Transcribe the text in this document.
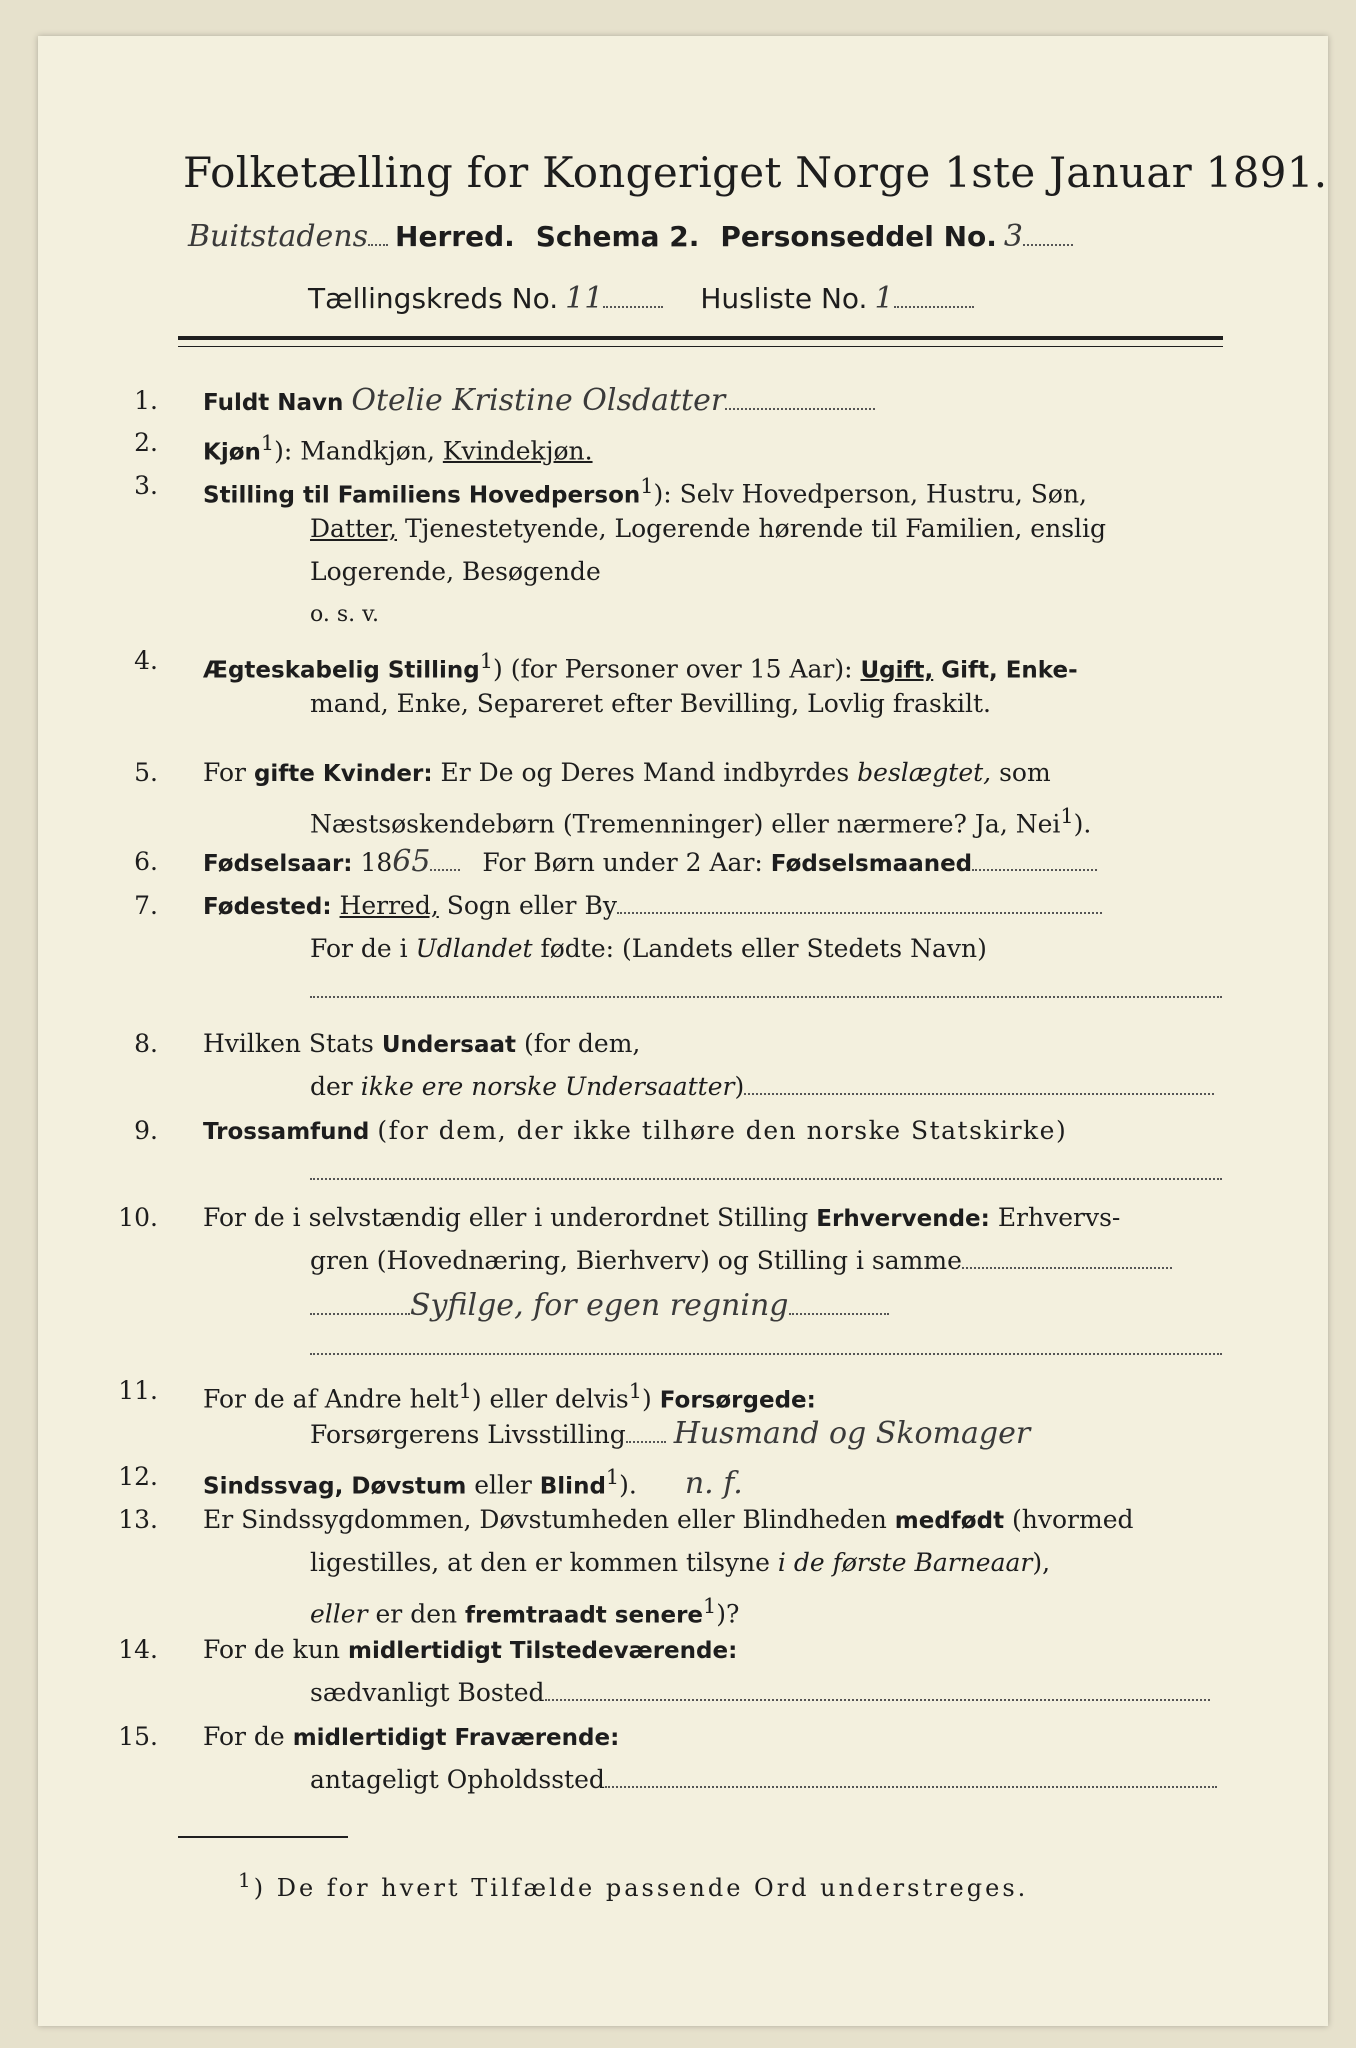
Folketælling for Kongeriget Norge 1ste Januar 1891.
Buitstadens Herred. Schema 2. Personseddel No. 3
Tællingskreds No. 11	Husliste No. 1
1. Fuldt Navn Otelie Kristine Olsdatter
2. Kjøn$^1$): Mandkjøn, Kvindekjøn.
3. Stilling til Familiens Hovedperson$^1$): Selv Hovedperson, Hustru, Søn,
Datter, Tjenestetyende, Logerende hørende til Familien, enslig
Logerende, Besøgende
o. s. v.
4. Ægteskabelig Stilling$^1$) (for Personer over 15 Aar): Ugift, Gift, Enke-
mand, Enke, Separeret efter Bevilling, Lovlig fraskilt.
5. For gifte Kvinder: Er De og Deres Mand indbyrdes beslægtet, som
Næstsøskendebørn (Tremenninger) eller nærmere? Ja, Nei$^1$).
6. Fødselsaar: 1865 For Børn under 2 Aar: Fødselsmaaned
7. Fødested: Herred, Sogn eller By
For de i Udlandet fødte: (Landets eller Stedets Navn)
8. Hvilken Stats Undersaat (for dem,
der ikke ere norske Undersaatter)
9. Trossamfund (for dem, der ikke tilhøre den norske Statskirke)
10. For de i selvstændig eller i underordnet Stilling Erhvervende: Erhvervs-
gren (Hovednæring, Bierhverv) og Stilling i samme
Syfilge, for egen regning
11. For de af Andre helt$^1$) eller delvis$^1$) Forsørgede:
Forsørgerens Livsstilling Husmand og Skomager
12. Sindssvag, Døvstum eller Blind$^1$). n. f.
13. Er Sindssygdommen, Døvstumheden eller Blindheden medfødt (hvormed
ligestilles, at den er kommen tilsyne i de første Barneaar),
eller er den fremtraadt senere$^1$)?
14. For de kun midlertidigt Tilstedeværende:
sædvanligt Bosted
15. For de midlertidigt Fraværende:
antageligt Opholdssted
$^1$) De for hvert Tilfælde passende Ord understreges.
